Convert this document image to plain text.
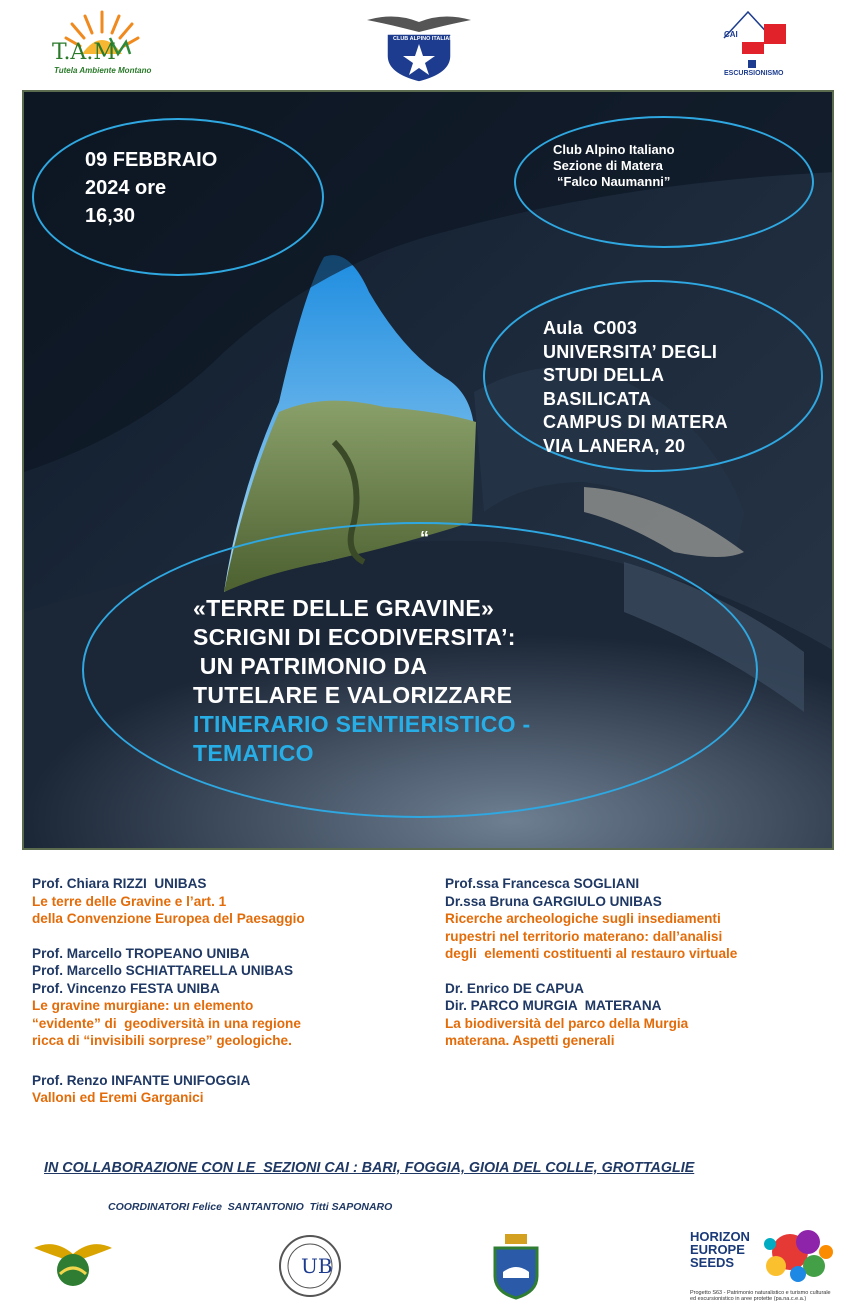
T.A.M
Tutela Ambiente Montano
CLUB ALPINO ITALIANO	CAI
ESCURSIONISMO
09 FEBBRAIO
2024 ore
16,30
Club Alpino Italiano
Sezione di Matera
“Falco Naumanni”
Aula  C003
UNIVERSITA’ DEGLI
STUDI DELLA
BASILICATA
CAMPUS DI MATERA
VIA LANERA, 20
“
«TERRE DELLE GRAVINE»
SCRIGNI DI ECODIVERSITA’:
UN PATRIMONIO DA
TUTELARE E VALORIZZARE
ITINERARIO SENTIERISTICO -
TEMATICO
Prof. Chiara RIZZI  UNIBAS
Le terre delle Gravine e l’art. 1
della Convenzione Europea del Paesaggio
Prof. Marcello TROPEANO UNIBA
Prof. Marcello SCHIATTARELLA UNIBAS
Prof. Vincenzo FESTA UNIBA
Le gravine murgiane: un elemento
“evidente” di  geodiversità in una regione
ricca di “invisibili sorprese” geologiche.
Prof. Renzo INFANTE UNIFOGGIA
Valloni ed Eremi Garganici
Prof.ssa Francesca SOGLIANI
Dr.ssa Bruna GARGIULO UNIBAS
Ricerche archeologiche sugli insediamenti
rupestri nel territorio materano: dall’analisi
degli  elementi costituenti al restauro virtuale
Dr. Enrico DE CAPUA
Dir. PARCO MURGIA  MATERANA
La biodiversità del parco della Murgia
materana. Aspetti generali
IN COLLABORAZIONE CON LE  SEZIONI CAI : BARI, FOGGIA, GIOIA DEL COLLE, GROTTAGLIE
COORDINATORI Felice  SANTANTONIO  Titti SAPONARO
UB
HORIZON
EUROPE
SEEDS
Progetto S63 - Patrimonio naturalistico e turismo culturale ed escursionistico in aree protette (pa.na.c.e.a.)
